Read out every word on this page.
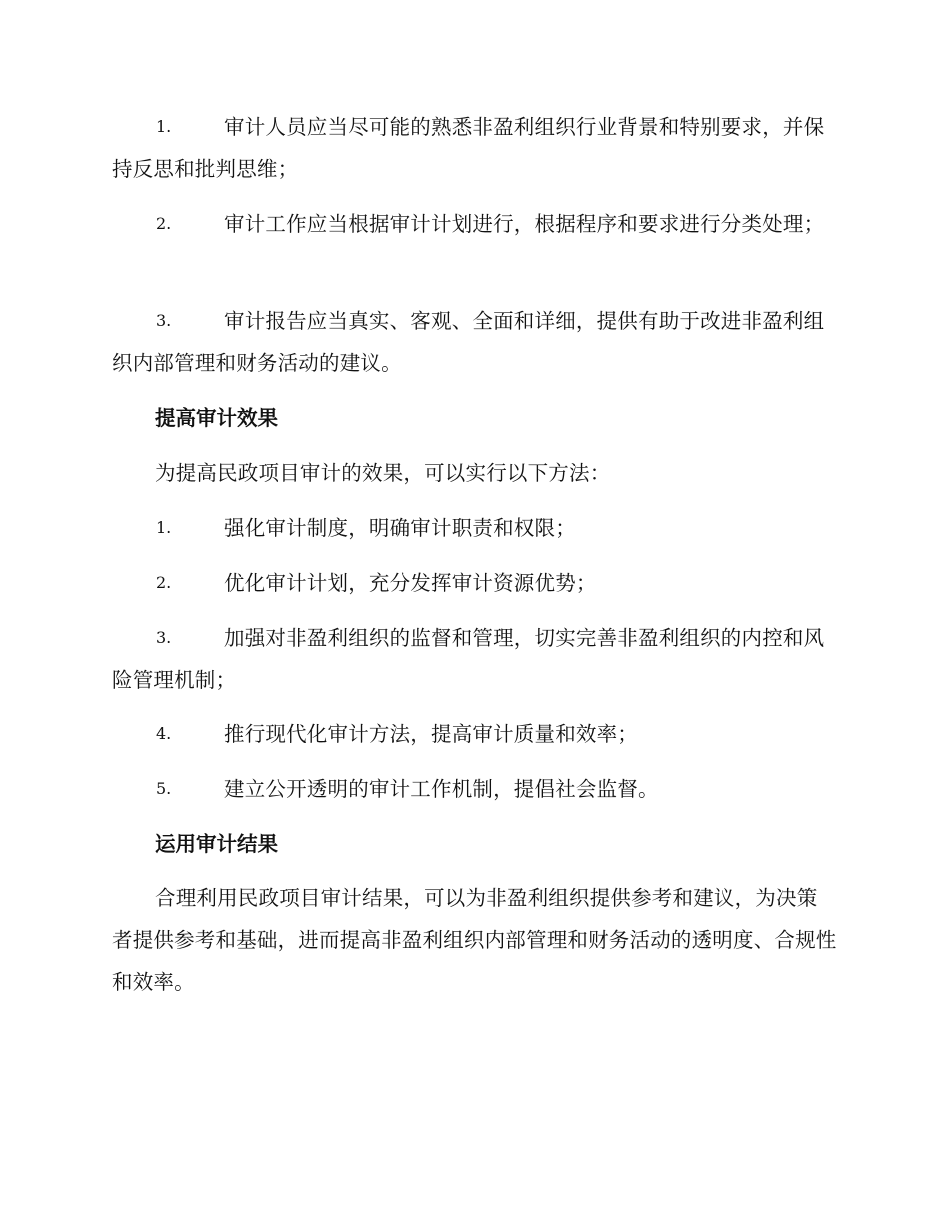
1.	审计人员应当尽可能的熟悉非盈利组织行业背景和特别要求，并保持反思和批判思维；
2.	审计工作应当根据审计计划进行，根据程序和要求进行分类处理；
3.	审计报告应当真实、客观、全面和详细，提供有助于改进非盈利组织内部管理和财务活动的建议。
提高审计效果
为提高民政项目审计的效果，可以实行以下方法：
1.	强化审计制度，明确审计职责和权限；
2.	优化审计计划，充分发挥审计资源优势；
3.	加强对非盈利组织的监督和管理，切实完善非盈利组织的内控和风险管理机制；
4.	推行现代化审计方法，提高审计质量和效率；
5.	建立公开透明的审计工作机制，提倡社会监督。
运用审计结果
合理利用民政项目审计结果，可以为非盈利组织提供参考和建议，为决策者提供参考和基础，进而提高非盈利组织内部管理和财务活动的透明度、合规性和效率。
